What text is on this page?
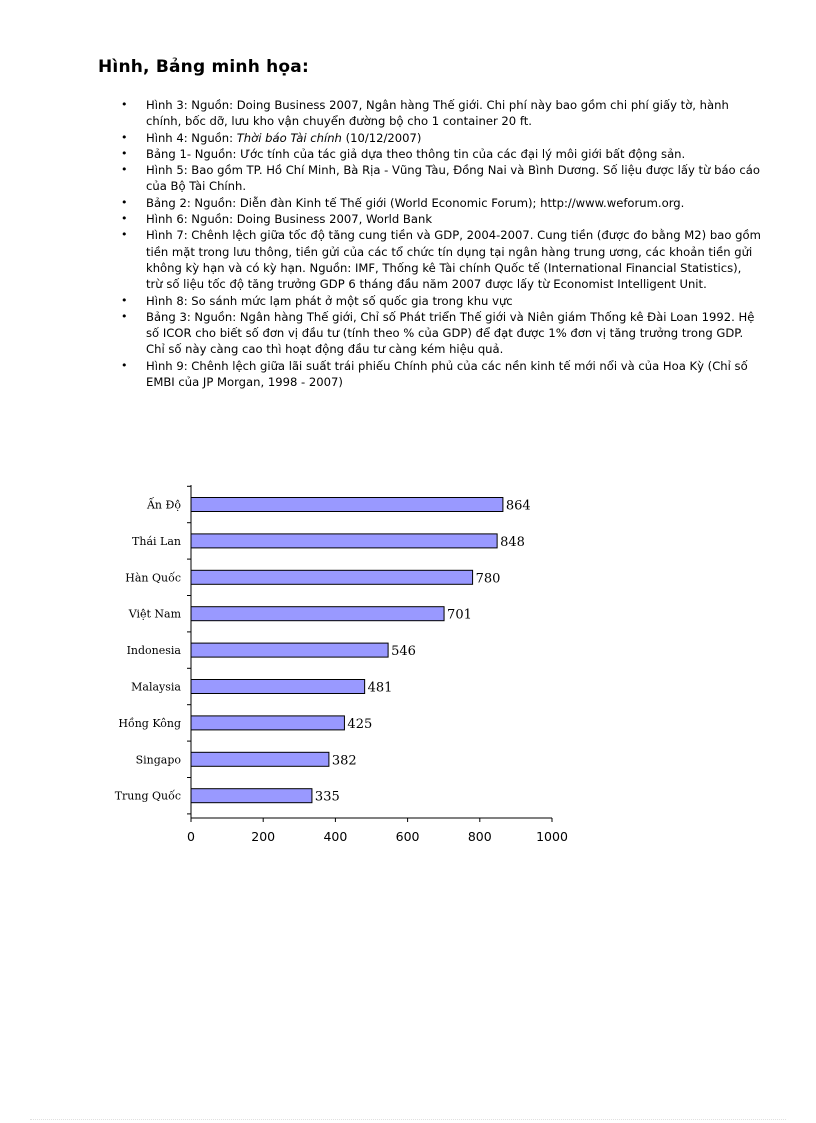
Hình, Bảng minh họa:
•	Hình 3: Nguồn: Doing Business 2007, Ngân hàng Thế giới. Chi phí này bao gồm chi phí giấy tờ, hành chính, bốc dỡ, lưu kho vận chuyển đường bộ cho 1 container 20 ft.
•	Hình 4: Nguồn: Thời báo Tài chính (10/12/2007)
•	Bảng 1- Nguồn: Ước tính của tác giả dựa theo thông tin của các đại lý môi giới bất động sản.
•	Hình 5: Bao gồm TP. Hồ Chí Minh, Bà Rịa - Vũng Tàu, Đồng Nai và Bình Dương. Số liệu được lấy từ báo cáo của Bộ Tài Chính.
•	Bảng 2: Nguồn: Diễn đàn Kinh tế Thế giới (World Economic Forum); http://www.weforum.org.
•	Hình 6: Nguồn: Doing Business 2007, World Bank
•	Hình 7: Chênh lệch giữa tốc độ tăng cung tiền và GDP, 2004-2007. Cung tiền (được đo bằng M2) bao gồm tiền mặt trong lưu thông, tiền gửi của các tổ chức tín dụng tại ngân hàng trung ương, các khoản tiền gửi không kỳ hạn và có kỳ hạn. Nguồn: IMF, Thống kê Tài chính Quốc tế (International Financial Statistics), trừ số liệu tốc độ tăng trưởng GDP 6 tháng đầu năm 2007 được lấy từ Economist Intelligent Unit.
•	Hình 8: So sánh mức lạm phát ở một số quốc gia trong khu vực
•	Bảng 3: Nguồn: Ngân hàng Thế giới, Chỉ số Phát triển Thế giới và Niên giám Thống kê Đài Loan 1992. Hệ số ICOR cho biết số đơn vị đầu tư (tính theo % của GDP) để đạt được 1% đơn vị tăng trưởng trong GDP. Chỉ số này càng cao thì hoạt động đầu tư càng kém hiệu quả.
•	Hình 9: Chênh lệch giữa lãi suất trái phiếu Chính phủ của các nền kinh tế mới nổi và của Hoa Kỳ (Chỉ số EMBI của JP Morgan, 1998 - 2007)
Ấn Độ	864
Thái Lan	848
Hàn Quốc	780
Việt Nam	701
Indonesia	546
Malaysia	481
Hồng Kông	425
Singapo	382
Trung Quốc	335
0	200	400	600	800	1000
